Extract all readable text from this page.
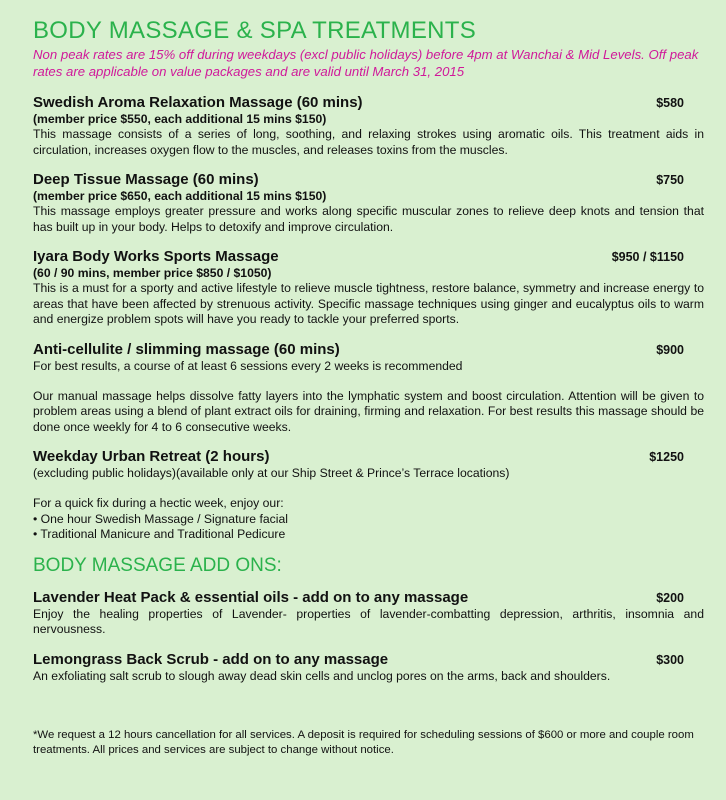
BODY MASSAGE & SPA TREATMENTS

Non peak rates are 15% off during weekdays (excl public holidays) before 4pm at Wanchai & Mid Levels. Off peak rates are applicable on value packages and are valid until March 31, 2015

Swedish Aroma Relaxation Massage (60 mins)	$580
(member price $550, each additional 15 mins $150)

This massage consists of a series of long, soothing, and relaxing strokes using aromatic oils. This treatment aids in circulation, increases oxygen flow to the muscles, and releases toxins from the muscles.

Deep Tissue Massage (60 mins)	$750
(member price $650, each additional 15 mins $150)

This massage employs greater pressure and works along specific muscular zones to relieve deep knots and tension that has built up in your body. Helps to detoxify and improve circulation.

Iyara Body Works Sports Massage	$950 / $1150
(60 / 90 mins, member price $850 / $1050)

This is a must for a sporty and active lifestyle to relieve muscle tightness, restore balance, symmetry and increase energy to areas that have been affected by strenuous activity. Specific massage techniques using ginger and eucalyptus oils to warm and energize problem spots will have you ready to tackle your preferred sports.

Anti-cellulite / slimming massage (60 mins)	$900
For best results, a course of at least 6 sessions every 2 weeks is recommended

Our manual massage helps dissolve fatty layers into the lymphatic system and boost circulation. Attention will be given to problem areas using a blend of plant extract oils for draining, firming and relaxation. For best results this massage should be done once weekly for 4 to 6 consecutive weeks.

Weekday Urban Retreat (2 hours)	$1250
(excluding public holidays)(available only at our Ship Street & Prince’s Terrace locations)

For a quick fix during a hectic week, enjoy our:

• One hour Swedish Massage / Signature facial
• Traditional Manicure and Traditional Pedicure
BODY MASSAGE ADD ONS:
Lavender Heat Pack & essential oils - add on to any massage	$200

Enjoy the healing properties of Lavender- properties of lavender-combatting depression, arthritis, insomnia and nervousness.

Lemongrass Back Scrub - add on to any massage	$300

An exfoliating salt scrub to slough away dead skin cells and unclog pores on the arms, back and shoulders.

*We request a 12 hours cancellation for all services. A deposit is required for scheduling sessions of $600 or more and couple room treatments. All prices and services are subject to change without notice.
